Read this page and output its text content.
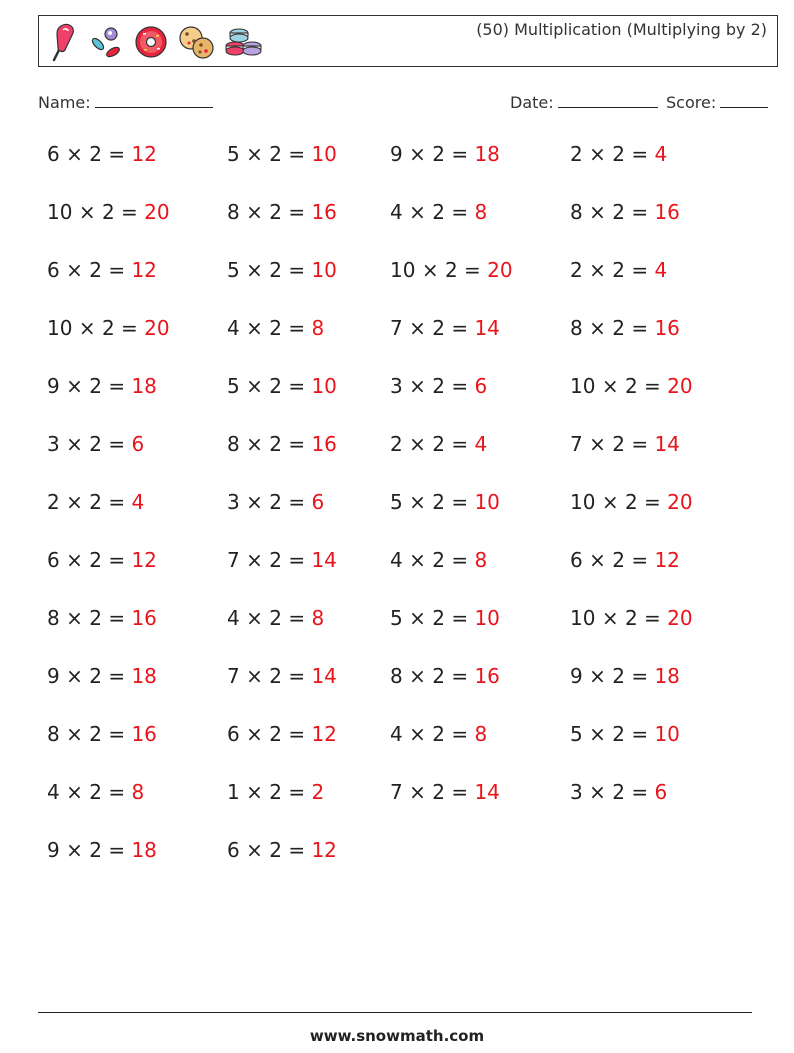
(50) Multiplication (Multiplying by 2)
Name:	Date:	Score:
6 × 2 = 12	5 × 2 = 10	9 × 2 = 18	2 × 2 = 4
10 × 2 = 20	8 × 2 = 16	4 × 2 = 8	8 × 2 = 16
6 × 2 = 12	5 × 2 = 10	10 × 2 = 20	2 × 2 = 4
10 × 2 = 20	4 × 2 = 8	7 × 2 = 14	8 × 2 = 16
9 × 2 = 18	5 × 2 = 10	3 × 2 = 6	10 × 2 = 20
3 × 2 = 6	8 × 2 = 16	2 × 2 = 4	7 × 2 = 14
2 × 2 = 4	3 × 2 = 6	5 × 2 = 10	10 × 2 = 20
6 × 2 = 12	7 × 2 = 14	4 × 2 = 8	6 × 2 = 12
8 × 2 = 16	4 × 2 = 8	5 × 2 = 10	10 × 2 = 20
9 × 2 = 18	7 × 2 = 14	8 × 2 = 16	9 × 2 = 18
8 × 2 = 16	6 × 2 = 12	4 × 2 = 8	5 × 2 = 10
4 × 2 = 8	1 × 2 = 2	7 × 2 = 14	3 × 2 = 6
9 × 2 = 18	6 × 2 = 12
www.snowmath.com
